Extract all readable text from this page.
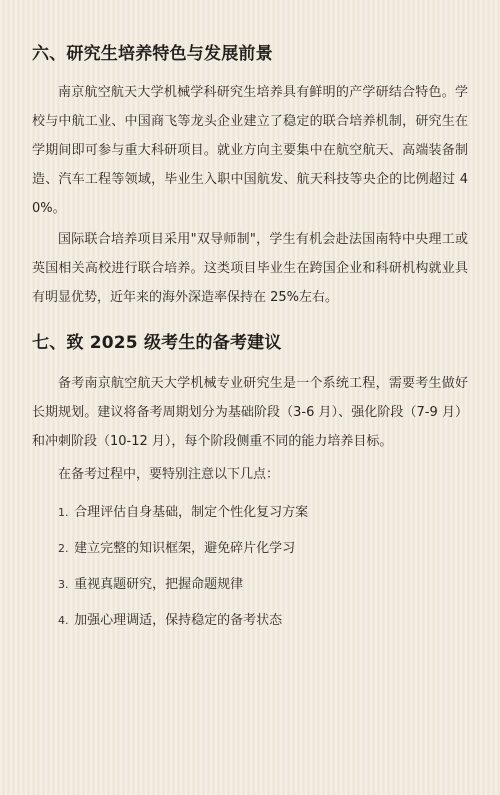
六、研究生培养特色与发展前景

南京航空航天大学机械学科研究生培养具有鲜明的产学研结合特色。学校与中航工业、中国商飞等龙头企业建立了稳定的联合培养机制，研究生在学期间即可参与重大科研项目。就业方向主要集中在航空航天、高端装备制造、汽车工程等领域，毕业生入职中国航发、航天科技等央企的比例超过 40%。

国际联合培养项目采用"双导师制"，学生有机会赴法国南特中央理工或英国相关高校进行联合培养。这类项目毕业生在跨国企业和科研机构就业具有明显优势，近年来的海外深造率保持在 25%左右。

七、致 2025 级考生的备考建议

备考南京航空航天大学机械专业研究生是一个系统工程，需要考生做好长期规划。建议将备考周期划分为基础阶段（3-6 月）、强化阶段（7-9 月）和冲刺阶段（10-12 月），每个阶段侧重不同的能力培养目标。

在备考过程中，要特别注意以下几点：

1. 合理评估自身基础，制定个性化复习方案
2. 建立完整的知识框架，避免碎片化学习
3. 重视真题研究，把握命题规律
4. 加强心理调适，保持稳定的备考状态
